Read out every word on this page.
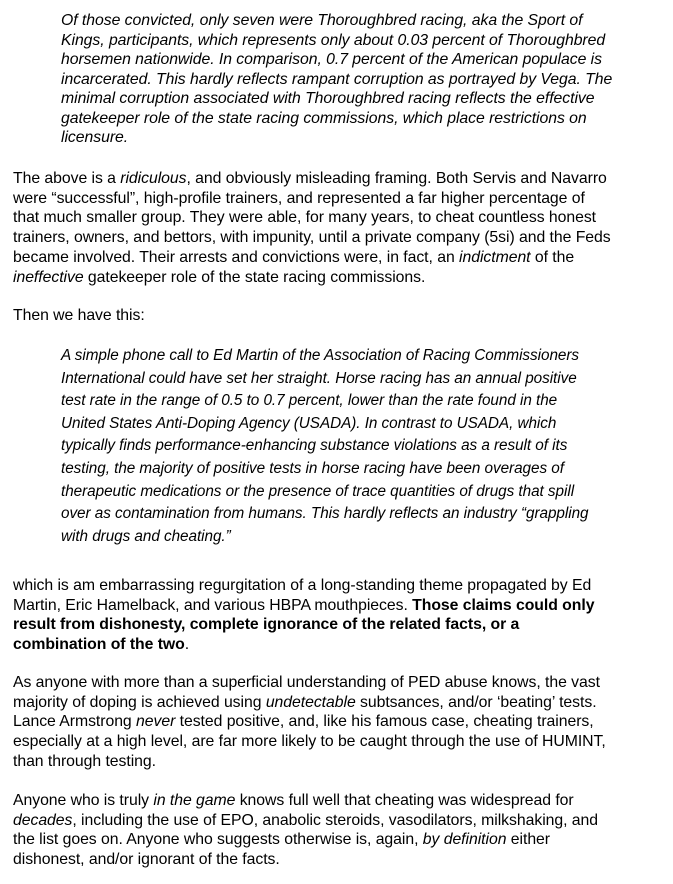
Of those convicted, only seven were Thoroughbred racing, aka the Sport of
Kings, participants, which represents only about 0.03 percent of Thoroughbred
horsemen nationwide. In comparison, 0.7 percent of the American populace is
incarcerated. This hardly reflects rampant corruption as portrayed by Vega. The
minimal corruption associated with Thoroughbred racing reflects the effective
gatekeeper role of the state racing commissions, which place restrictions on
licensure.

The above is a ridiculous, and obviously misleading framing. Both Servis and Navarro
were “successful”, high-profile trainers, and represented a far higher percentage of
that much smaller group. They were able, for many years, to cheat countless honest
trainers, owners, and bettors, with impunity, until a private company (5si) and the Feds
became involved. Their arrests and convictions were, in fact, an indictment of the
ineffective gatekeeper role of the state racing commissions.

Then we have this:

A simple phone call to Ed Martin of the Association of Racing Commissioners
International could have set her straight. Horse racing has an annual positive
test rate in the range of 0.5 to 0.7 percent, lower than the rate found in the
United States Anti-Doping Agency (USADA). In contrast to USADA, which
typically finds performance-enhancing substance violations as a result of its
testing, the majority of positive tests in horse racing have been overages of
therapeutic medications or the presence of trace quantities of drugs that spill
over as contamination from humans. This hardly reflects an industry “grappling
with drugs and cheating.”

which is am embarrassing regurgitation of a long-standing theme propagated by Ed
Martin, Eric Hamelback, and various HBPA mouthpieces. Those claims could only
result from dishonesty, complete ignorance of the related facts, or a
combination of the two.

As anyone with more than a superficial understanding of PED abuse knows, the vast
majority of doping is achieved using undetectable subtsances, and/or ‘beating’ tests.
Lance Armstrong never tested positive, and, like his famous case, cheating trainers,
especially at a high level, are far more likely to be caught through the use of HUMINT,
than through testing.

Anyone who is truly in the game knows full well that cheating was widespread for
decades, including the use of EPO, anabolic steroids, vasodilators, milkshaking, and
the list goes on. Anyone who suggests otherwise is, again, by definition either
dishonest, and/or ignorant of the facts.
